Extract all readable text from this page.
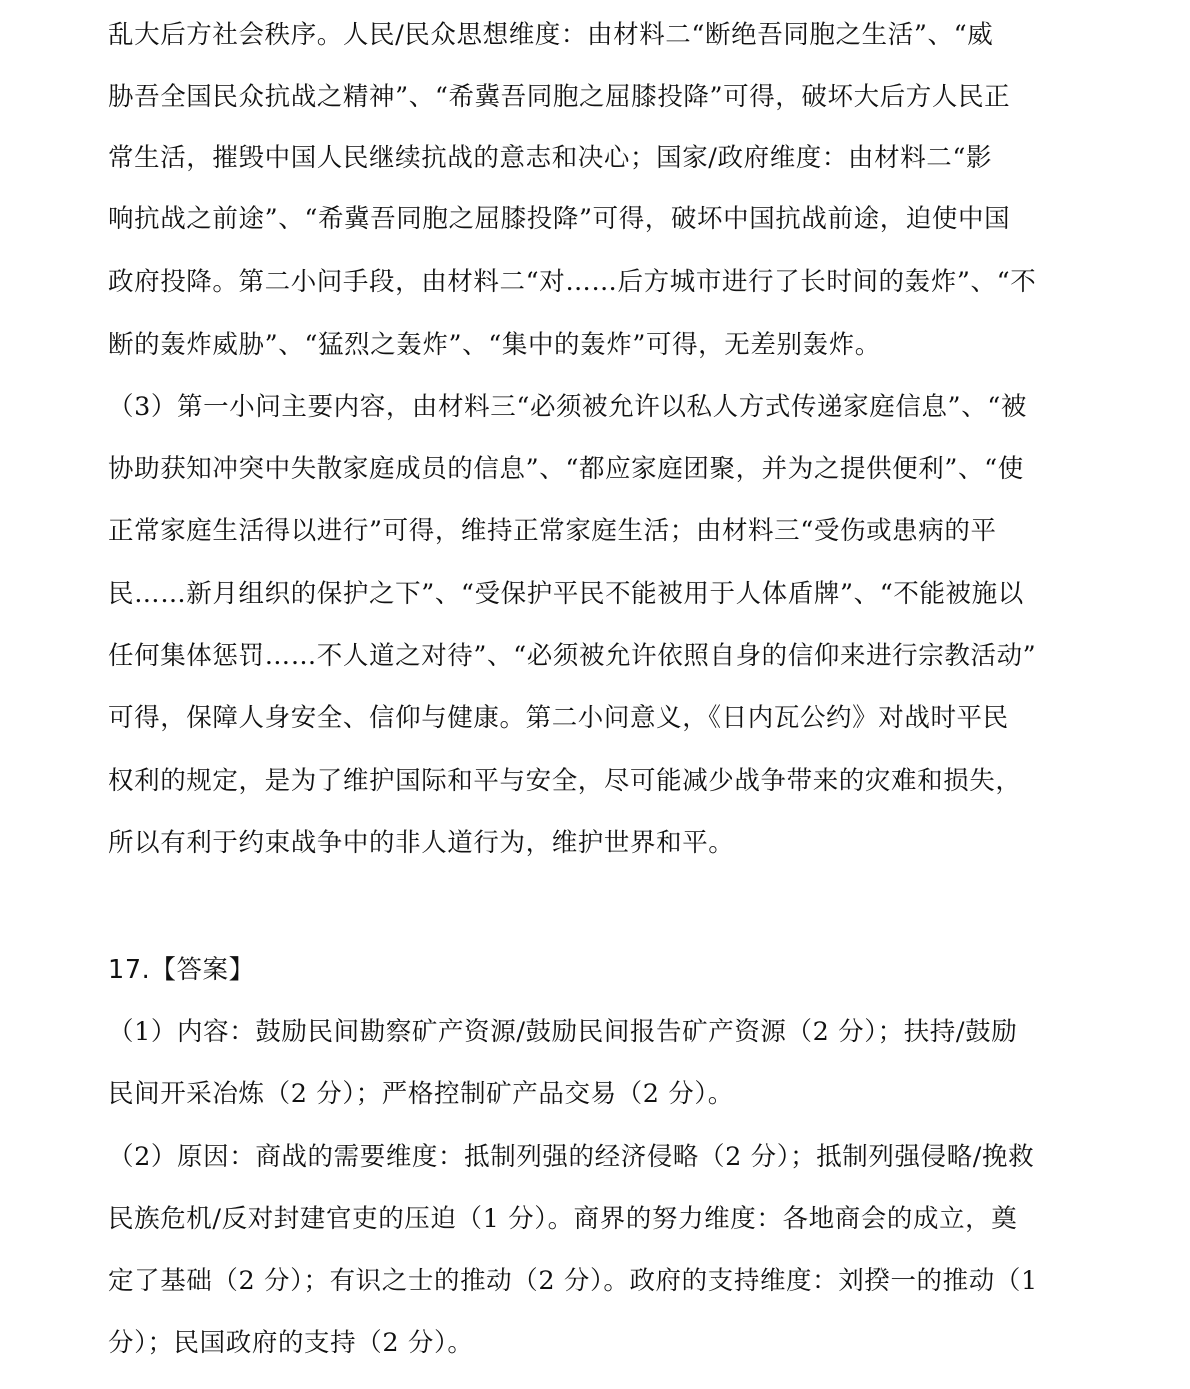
乱大后方社会秩序。人民/民众思想维度：由材料二“断绝吾同胞之生活”、“威
胁吾全国民众抗战之精神”、“希冀吾同胞之屈膝投降”可得，破坏大后方人民正
常生活，摧毁中国人民继续抗战的意志和决心；国家/政府维度：由材料二“影
响抗战之前途”、“希冀吾同胞之屈膝投降”可得，破坏中国抗战前途，迫使中国
政府投降。第二小问手段，由材料二“对……后方城市进行了长时间的轰炸”、“不
断的轰炸威胁”、“猛烈之轰炸”、“集中的轰炸”可得，无差别轰炸。
（3）第一小问主要内容，由材料三“必须被允许以私人方式传递家庭信息”、“被
协助获知冲突中失散家庭成员的信息”、“都应家庭团聚，并为之提供便利”、“使
正常家庭生活得以进行”可得，维持正常家庭生活；由材料三“受伤或患病的平
民……新月组织的保护之下”、“受保护平民不能被用于人体盾牌”、“不能被施以
任何集体惩罚……不人道之对待”、“必须被允许依照自身的信仰来进行宗教活动”
可得，保障人身安全、信仰与健康。第二小问意义，《日内瓦公约》对战时平民
权利的规定，是为了维护国际和平与安全，尽可能减少战争带来的灾难和损失，
所以有利于约束战争中的非人道行为，维护世界和平。
17.【答案】
（1）内容：鼓励民间勘察矿产资源/鼓励民间报告矿产资源（2 分）；扶持/鼓励
民间开采冶炼（2 分）；严格控制矿产品交易（2 分）。
（2）原因：商战的需要维度：抵制列强的经济侵略（2 分）；抵制列强侵略/挽救
民族危机/反对封建官吏的压迫（1 分）。商界的努力维度：各地商会的成立，奠
定了基础（2 分）；有识之士的推动（2 分）。政府的支持维度：刘揆一的推动（1
分）；民国政府的支持（2 分）。
